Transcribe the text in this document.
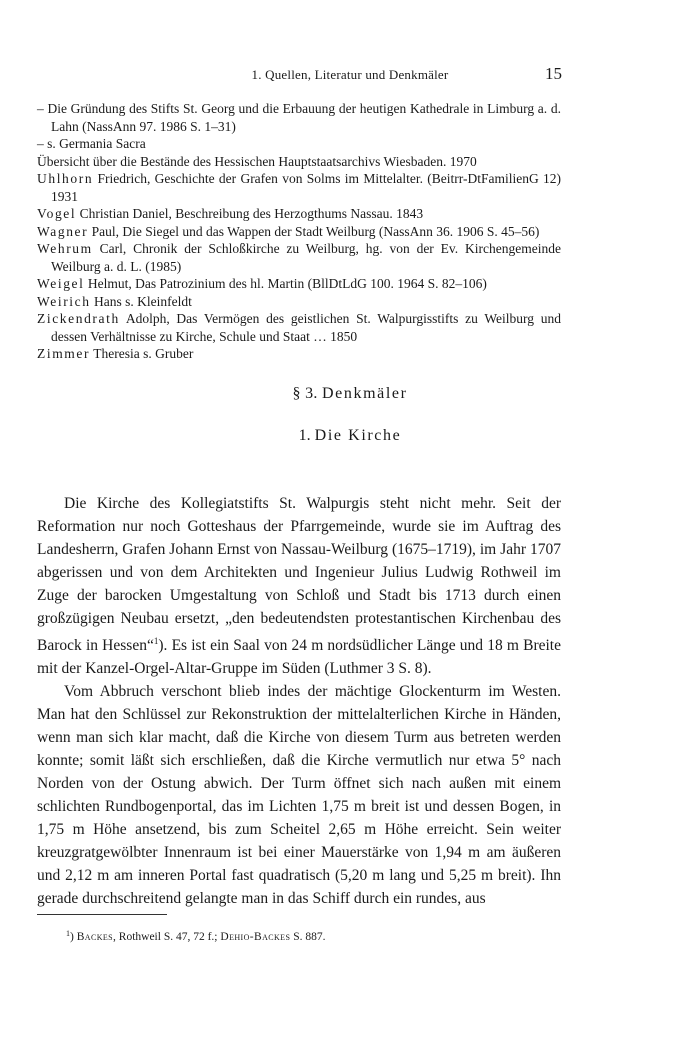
1. Quellen, Literatur und Denkmäler	15
– Die Gründung des Stifts St. Georg und die Erbauung der heutigen Kathedrale in Limburg a. d. Lahn (NassAnn 97. 1986 S. 1–31)
– s. Germania Sacra
Übersicht über die Bestände des Hessischen Hauptstaatsarchivs Wiesbaden. 1970
Uhlhorn Friedrich, Geschichte der Grafen von Solms im Mittelalter. (Beitrr-DtFamilienG 12) 1931
Vogel Christian Daniel, Beschreibung des Herzogthums Nassau. 1843
Wagner Paul, Die Siegel und das Wappen der Stadt Weilburg (NassAnn 36. 1906 S. 45–56)
Wehrum Carl, Chronik der Schloßkirche zu Weilburg, hg. von der Ev. Kirchengemeinde Weilburg a. d. L. (1985)
Weigel Helmut, Das Patrozinium des hl. Martin (BllDtLdG 100. 1964 S. 82–106)
Weirich Hans s. Kleinfeldt
Zickendrath Adolph, Das Vermögen des geistlichen St. Walpurgisstifts zu Weilburg und dessen Verhältnisse zu Kirche, Schule und Staat … 1850
Zimmer Theresia s. Gruber
§ 3. Denkmäler
1. Die Kirche

Die Kirche des Kollegiatstifts St. Walpurgis steht nicht mehr. Seit der Reformation nur noch Gotteshaus der Pfarrgemeinde, wurde sie im Auftrag des Landesherrn, Grafen Johann Ernst von Nassau-Weilburg (1675–1719), im Jahr 1707 abgerissen und von dem Architekten und Ingenieur Julius Ludwig Rothweil im Zuge der barocken Umgestaltung von Schloß und Stadt bis 1713 durch einen großzügigen Neubau ersetzt, „den bedeutendsten protestantischen Kirchenbau des Barock in Hessen“$^1$). Es ist ein Saal von 24 m nordsüdlicher Länge und 18 m Breite mit der Kanzel-Orgel-Altar-Gruppe im Süden (Luthmer 3 S. 8).

Vom Abbruch verschont blieb indes der mächtige Glockenturm im Westen. Man hat den Schlüssel zur Rekonstruktion der mittelalterlichen Kirche in Händen, wenn man sich klar macht, daß die Kirche von diesem Turm aus betreten werden konnte; somit läßt sich erschließen, daß die Kirche vermutlich nur etwa 5° nach Norden von der Ostung abwich. Der Turm öffnet sich nach außen mit einem schlichten Rundbogenportal, das im Lichten 1,75 m breit ist und dessen Bogen, in 1,75 m Höhe ansetzend, bis zum Scheitel 2,65 m Höhe erreicht. Sein weiter kreuzgratgewölbter Innenraum ist bei einer Mauerstärke von 1,94 m am äußeren und 2,12 m am inneren Portal fast quadratisch (5,20 m lang und 5,25 m breit). Ihn gerade durchschreitend gelangte man in das Schiff durch ein rundes, aus

$^1$) Backes, Rothweil S. 47, 72 f.; Dehio-Backes S. 887.
